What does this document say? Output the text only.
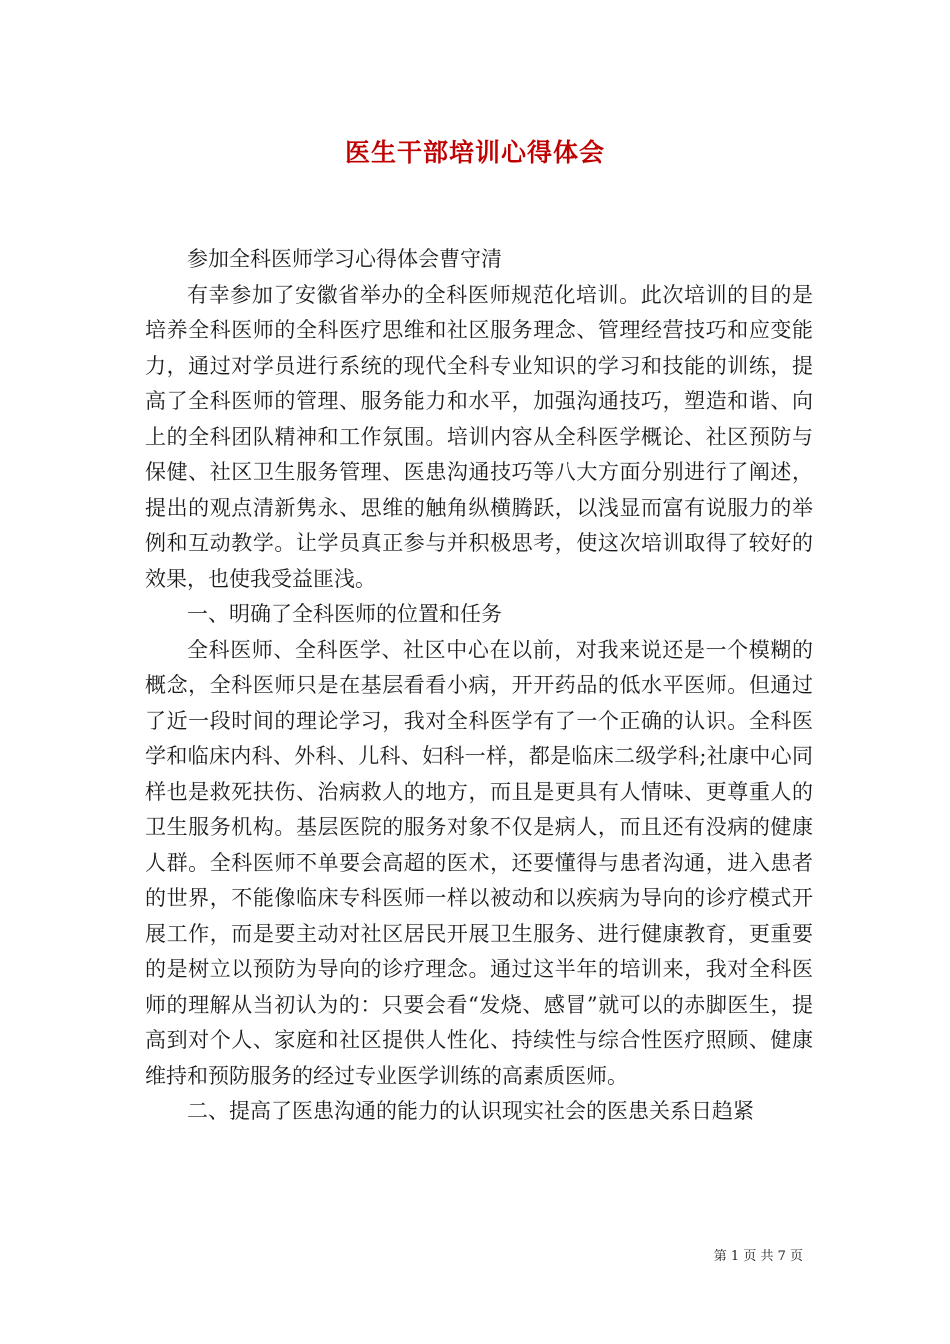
医生干部培训心得体会

参加全科医师学习心得体会曹守清

有幸参加了安徽省举办的全科医师规范化培训。此次培训的目的是培养全科医师的全科医疗思维和社区服务理念、管理经营技巧和应变能力，通过对学员进行系统的现代全科专业知识的学习和技能的训练，提高了全科医师的管理、服务能力和水平，加强沟通技巧，塑造和谐、向上的全科团队精神和工作氛围。培训内容从全科医学概论、社区预防与保健、社区卫生服务管理、医患沟通技巧等八大方面分别进行了阐述，提出的观点清新隽永、思维的触角纵横腾跃，以浅显而富有说服力的举例和互动教学。让学员真正参与并积极思考，使这次培训取得了较好的效果，也使我受益匪浅。

一、明确了全科医师的位置和任务

全科医师、全科医学、社区中心在以前，对我来说还是一个模糊的概念，全科医师只是在基层看看小病，开开药品的低水平医师。但通过了近一段时间的理论学习，我对全科医学有了一个正确的认识。全科医学和临床内科、外科、儿科、妇科一样，都是临床二级学科;社康中心同样也是救死扶伤、治病救人的地方，而且是更具有人情味、更尊重人的卫生服务机构。基层医院的服务对象不仅是病人，而且还有没病的健康人群。全科医师不单要会高超的医术，还要懂得与患者沟通，进入患者的世界，不能像临床专科医师一样以被动和以疾病为导向的诊疗模式开展工作，而是要主动对社区居民开展卫生服务、进行健康教育，更重要的是树立以预防为导向的诊疗理念。通过这半年的培训来，我对全科医师的理解从当初认为的：只要会看“发烧、感冒”就可以的赤脚医生，提高到对个人、家庭和社区提供人性化、持续性与综合性医疗照顾、健康维持和预防服务的经过专业医学训练的高素质医师。

二、提高了医患沟通的能力的认识现实社会的医患关系日趋紧

第 1 页 共 7 页
